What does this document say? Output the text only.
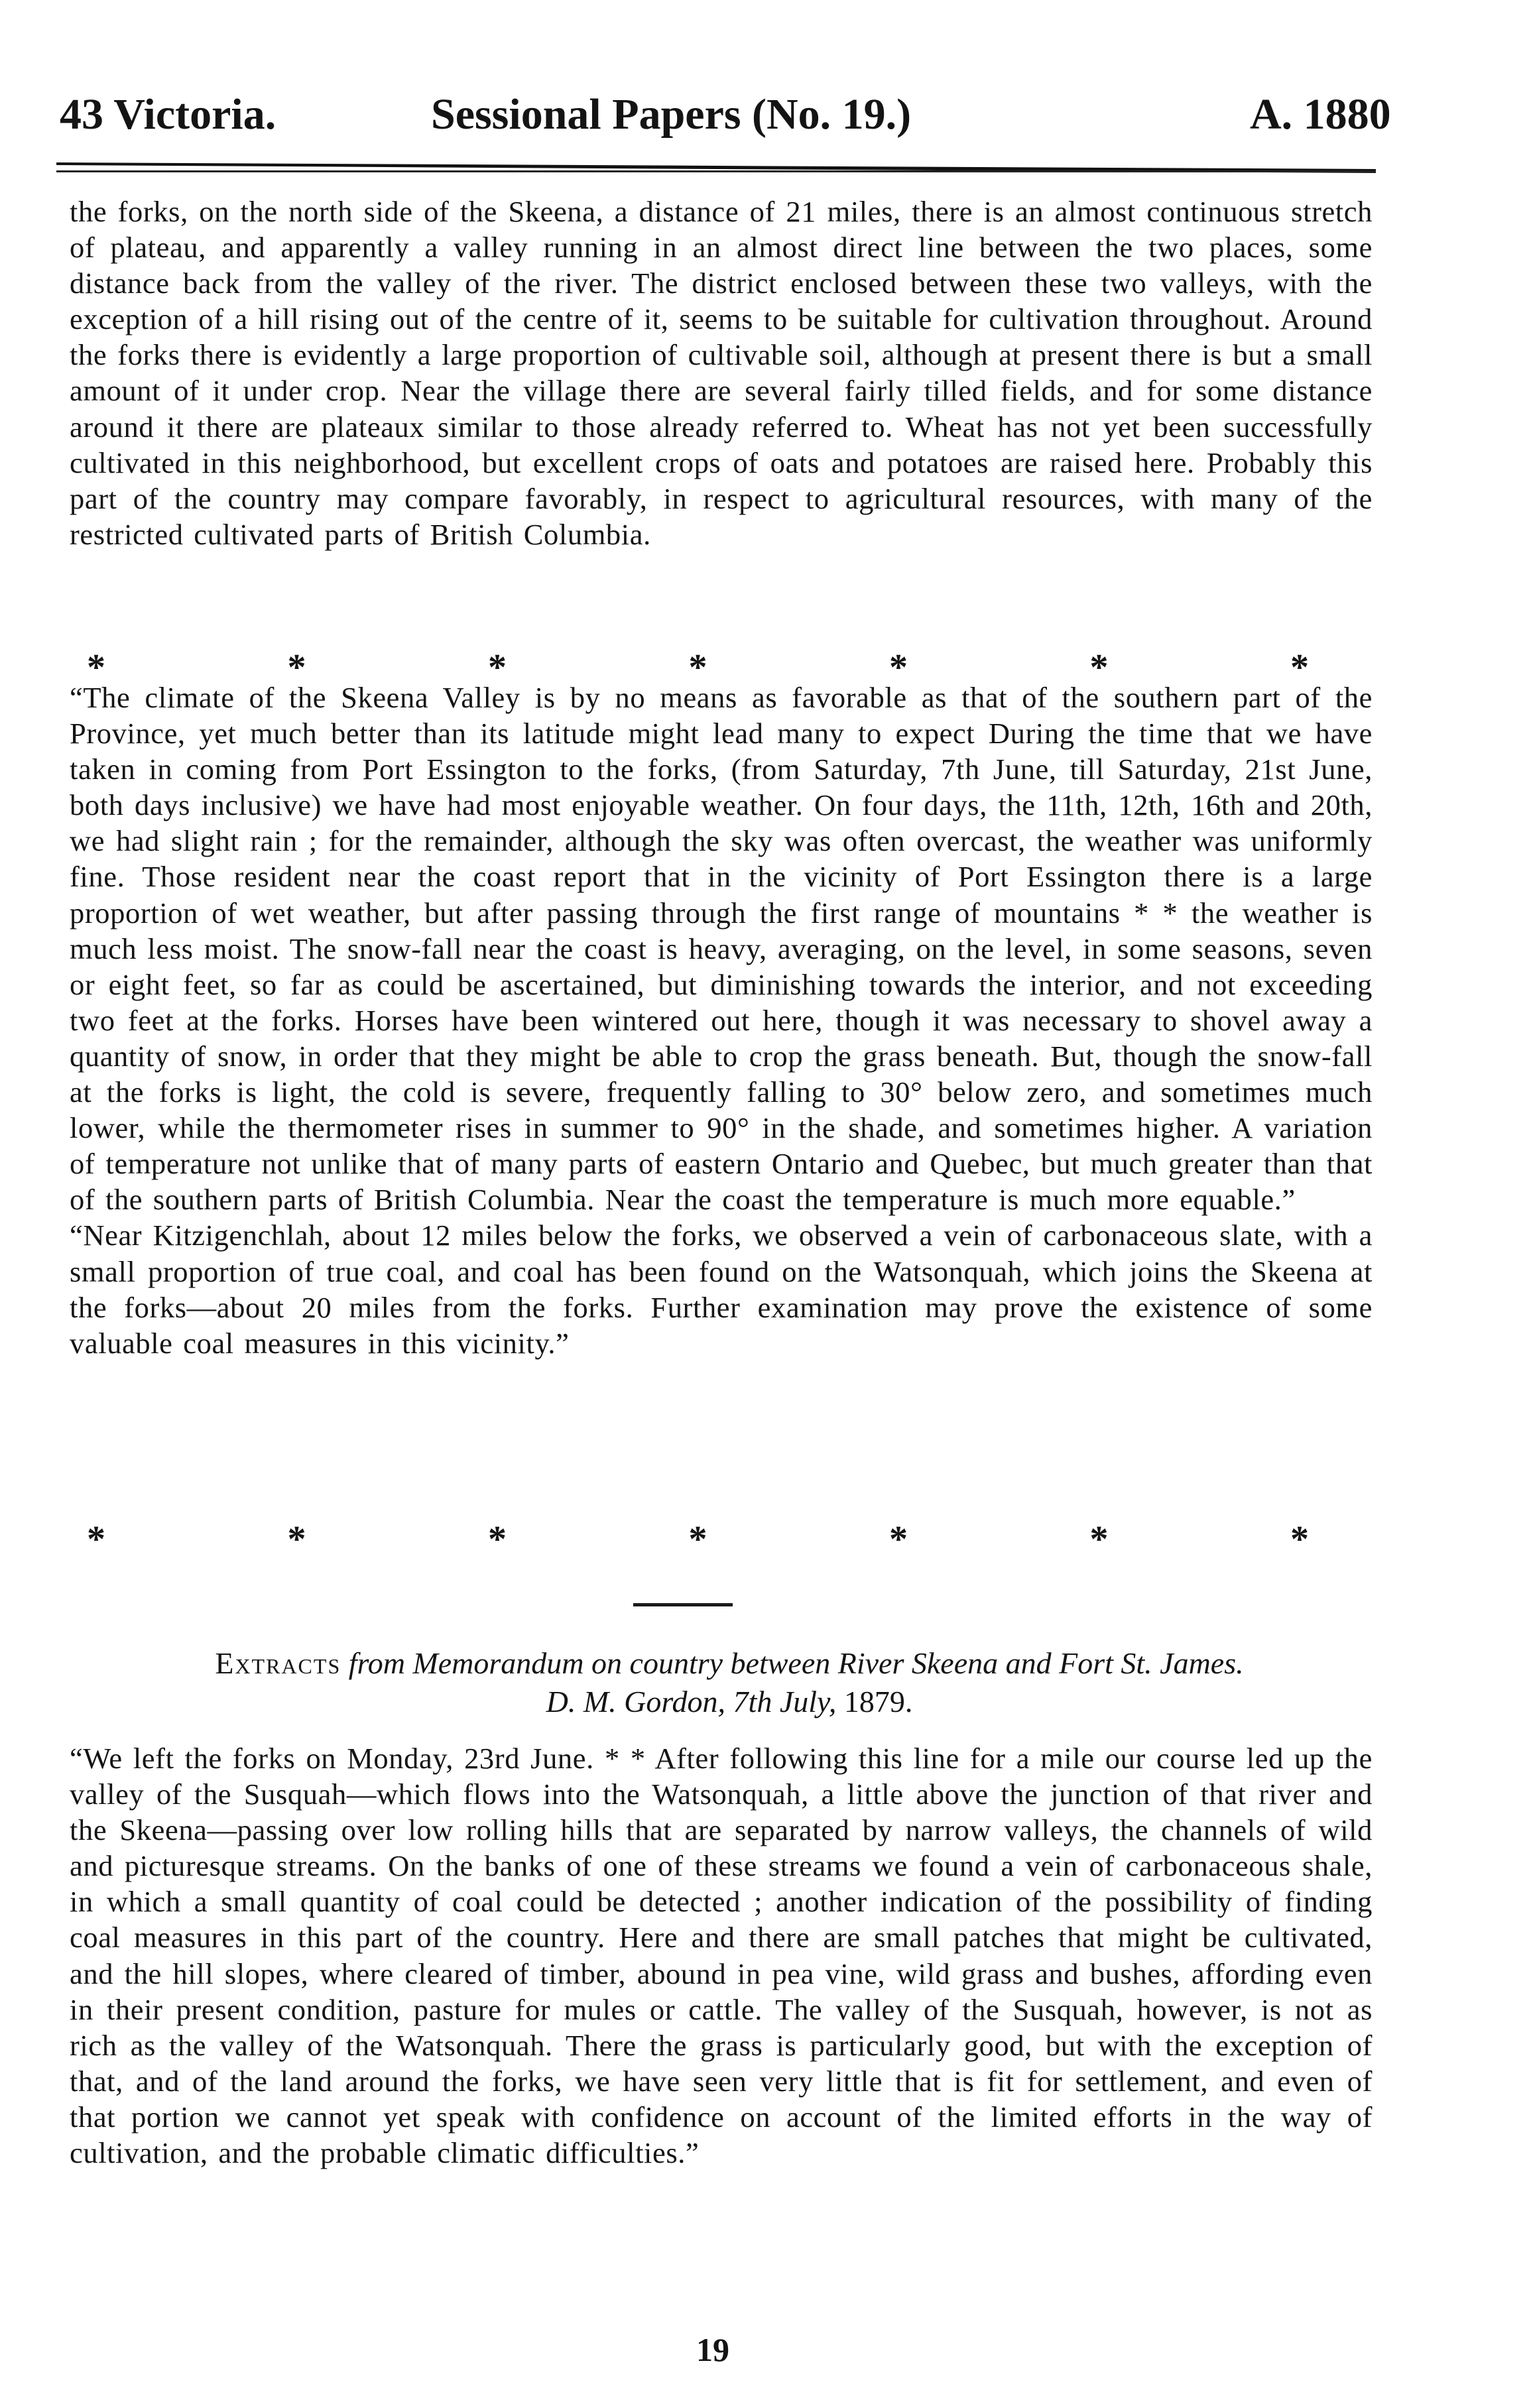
43 Victoria.	Sessional Papers (No. 19.)	A. 1880

the forks, on the north side of the Skeena, a distance of 21 miles, there is an almost continuous stretch of plateau, and apparently a valley running in an almost direct line between the two places, some distance back from the valley of the river. The district enclosed between these two valleys, with the exception of a hill rising out of the centre of it, seems to be suitable for cultivation throughout. Around the forks there is evidently a large proportion of cultivable soil, although at present there is but a small amount of it under crop. Near the village there are several fairly tilled fields, and for some distance around it there are plateaux similar to those already referred to. Wheat has not yet been successfully cultivated in this neighborhood, but excellent crops of oats and potatoes are raised here. Probably this part of the country may compare favorably, in respect to agricultural resources, with many of the restricted cultivated parts of British Columbia.

*	*	*	*	*	*	*

“The climate of the Skeena Valley is by no means as favorable as that of the southern part of the Province, yet much better than its latitude might lead many to expect During the time that we have taken in coming from Port Essington to the forks, (from Saturday, 7th June, till Saturday, 21st June, both days inclusive) we have had most enjoyable weather. On four days, the 11th, 12th, 16th and 20th, we had slight rain ; for the remainder, although the sky was often overcast, the weather was uniformly fine. Those resident near the coast report that in the vicinity of Port Essington there is a large proportion of wet weather, but after passing through the first range of mountains * * the weather is much less moist. The snow-fall near the coast is heavy, averaging, on the level, in some seasons, seven or eight feet, so far as could be ascertained, but diminishing towards the interior, and not exceeding two feet at the forks. Horses have been wintered out here, though it was necessary to shovel away a quantity of snow, in order that they might be able to crop the grass beneath. But, though the snow-fall at the forks is light, the cold is severe, frequently falling to 30° below zero, and sometimes much lower, while the thermometer rises in summer to 90° in the shade, and sometimes higher. A variation of temperature not unlike that of many parts of eastern Ontario and Quebec, but much greater than that of the southern parts of British Columbia. Near the coast the temperature is much more equable.”

“Near Kitzigenchlah, about 12 miles below the forks, we observed a vein of carbonaceous slate, with a small proportion of true coal, and coal has been found on the Watsonquah, which joins the Skeena at the forks—about 20 miles from the forks. Further examination may prove the existence of some valuable coal measures in this vicinity.”

*	*	*	*	*	*	*
Extracts from Memorandum on country between River Skeena and Fort St. James.
D. M. Gordon, 7th July, 1879.

“We left the forks on Monday, 23rd June. * * After following this line for a mile our course led up the valley of the Susquah—which flows into the Watsonquah, a little above the junction of that river and the Skeena—passing over low rolling hills that are separated by narrow valleys, the channels of wild and picturesque streams. On the banks of one of these streams we found a vein of carbonaceous shale, in which a small quantity of coal could be detected ; another indication of the possibility of finding coal measures in this part of the country. Here and there are small patches that might be cultivated, and the hill slopes, where cleared of timber, abound in pea vine, wild grass and bushes, affording even in their present condition, pasture for mules or cattle. The valley of the Susquah, however, is not as rich as the valley of the Watsonquah. There the grass is particularly good, but with the exception of that, and of the land around the forks, we have seen very little that is fit for settlement, and even of that portion we cannot yet speak with confidence on account of the limited efforts in the way of cultivation, and the probable climatic difficulties.”

19
